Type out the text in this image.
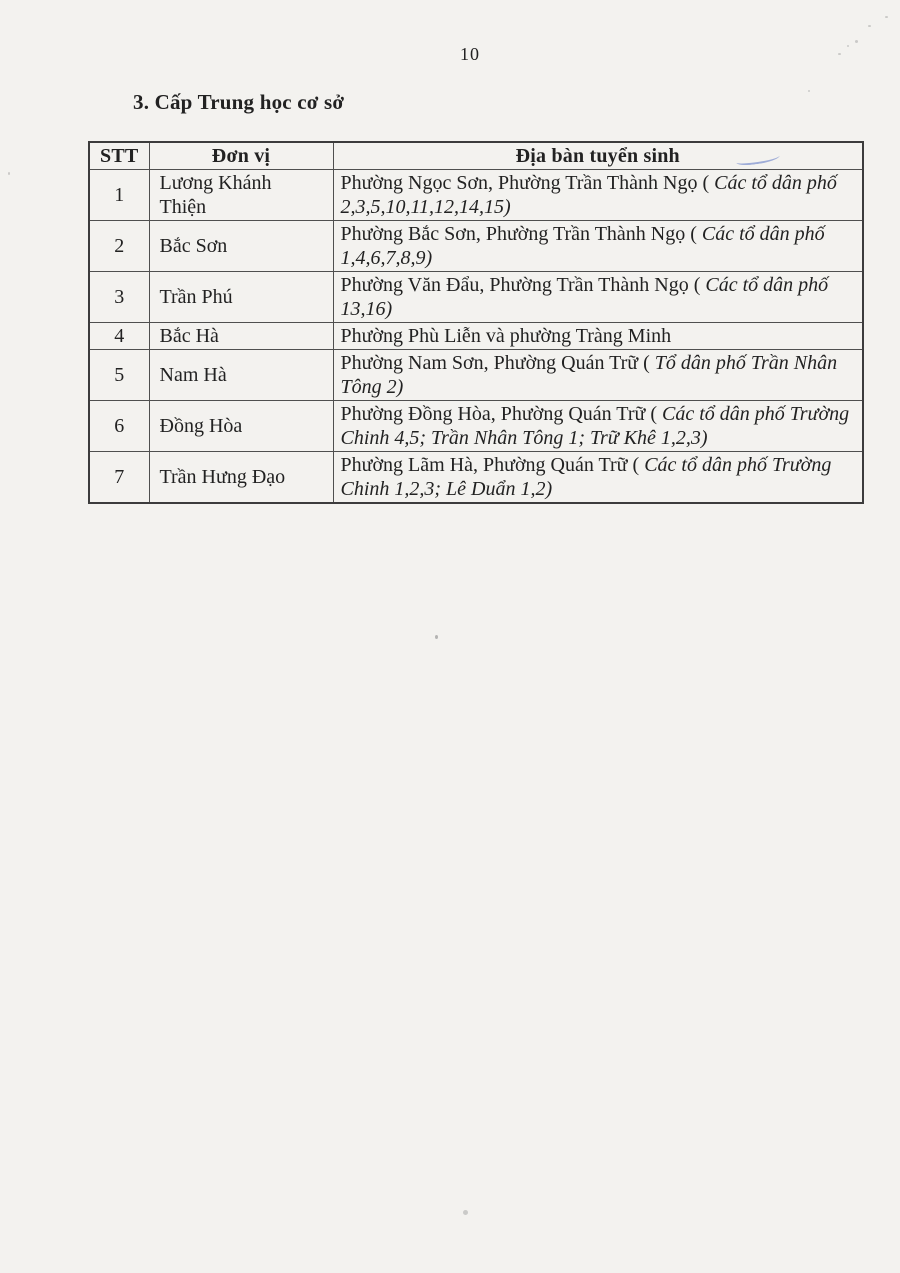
10
3. Cấp Trung học cơ sở
STT	Đơn vị	Địa bàn tuyển sinh
1	Lương Khánh Thiện	Phường Ngọc Sơn, Phường Trần Thành Ngọ ( Các tổ dân phố 2,3,5,10,11,12,14,15)
2	Bắc Sơn	Phường Bắc Sơn, Phường Trần Thành Ngọ ( Các tổ dân phố 1,4,6,7,8,9)
3	Trần Phú	Phường Văn Đẩu, Phường Trần Thành Ngọ ( Các tổ dân phố 13,16)
4	Bắc Hà	Phường Phù Liễn và phường Tràng Minh
5	Nam Hà	Phường Nam Sơn, Phường Quán Trữ ( Tổ dân phố Trần Nhân Tông 2)
6	Đồng Hòa	Phường Đồng Hòa, Phường Quán Trữ ( Các tổ dân phố Trường Chinh 4,5; Trần Nhân Tông 1; Trữ Khê 1,2,3)
7	Trần Hưng Đạo	Phường Lãm Hà, Phường Quán Trữ ( Các tổ dân phố Trường Chinh 1,2,3; Lê Duẩn 1,2)
